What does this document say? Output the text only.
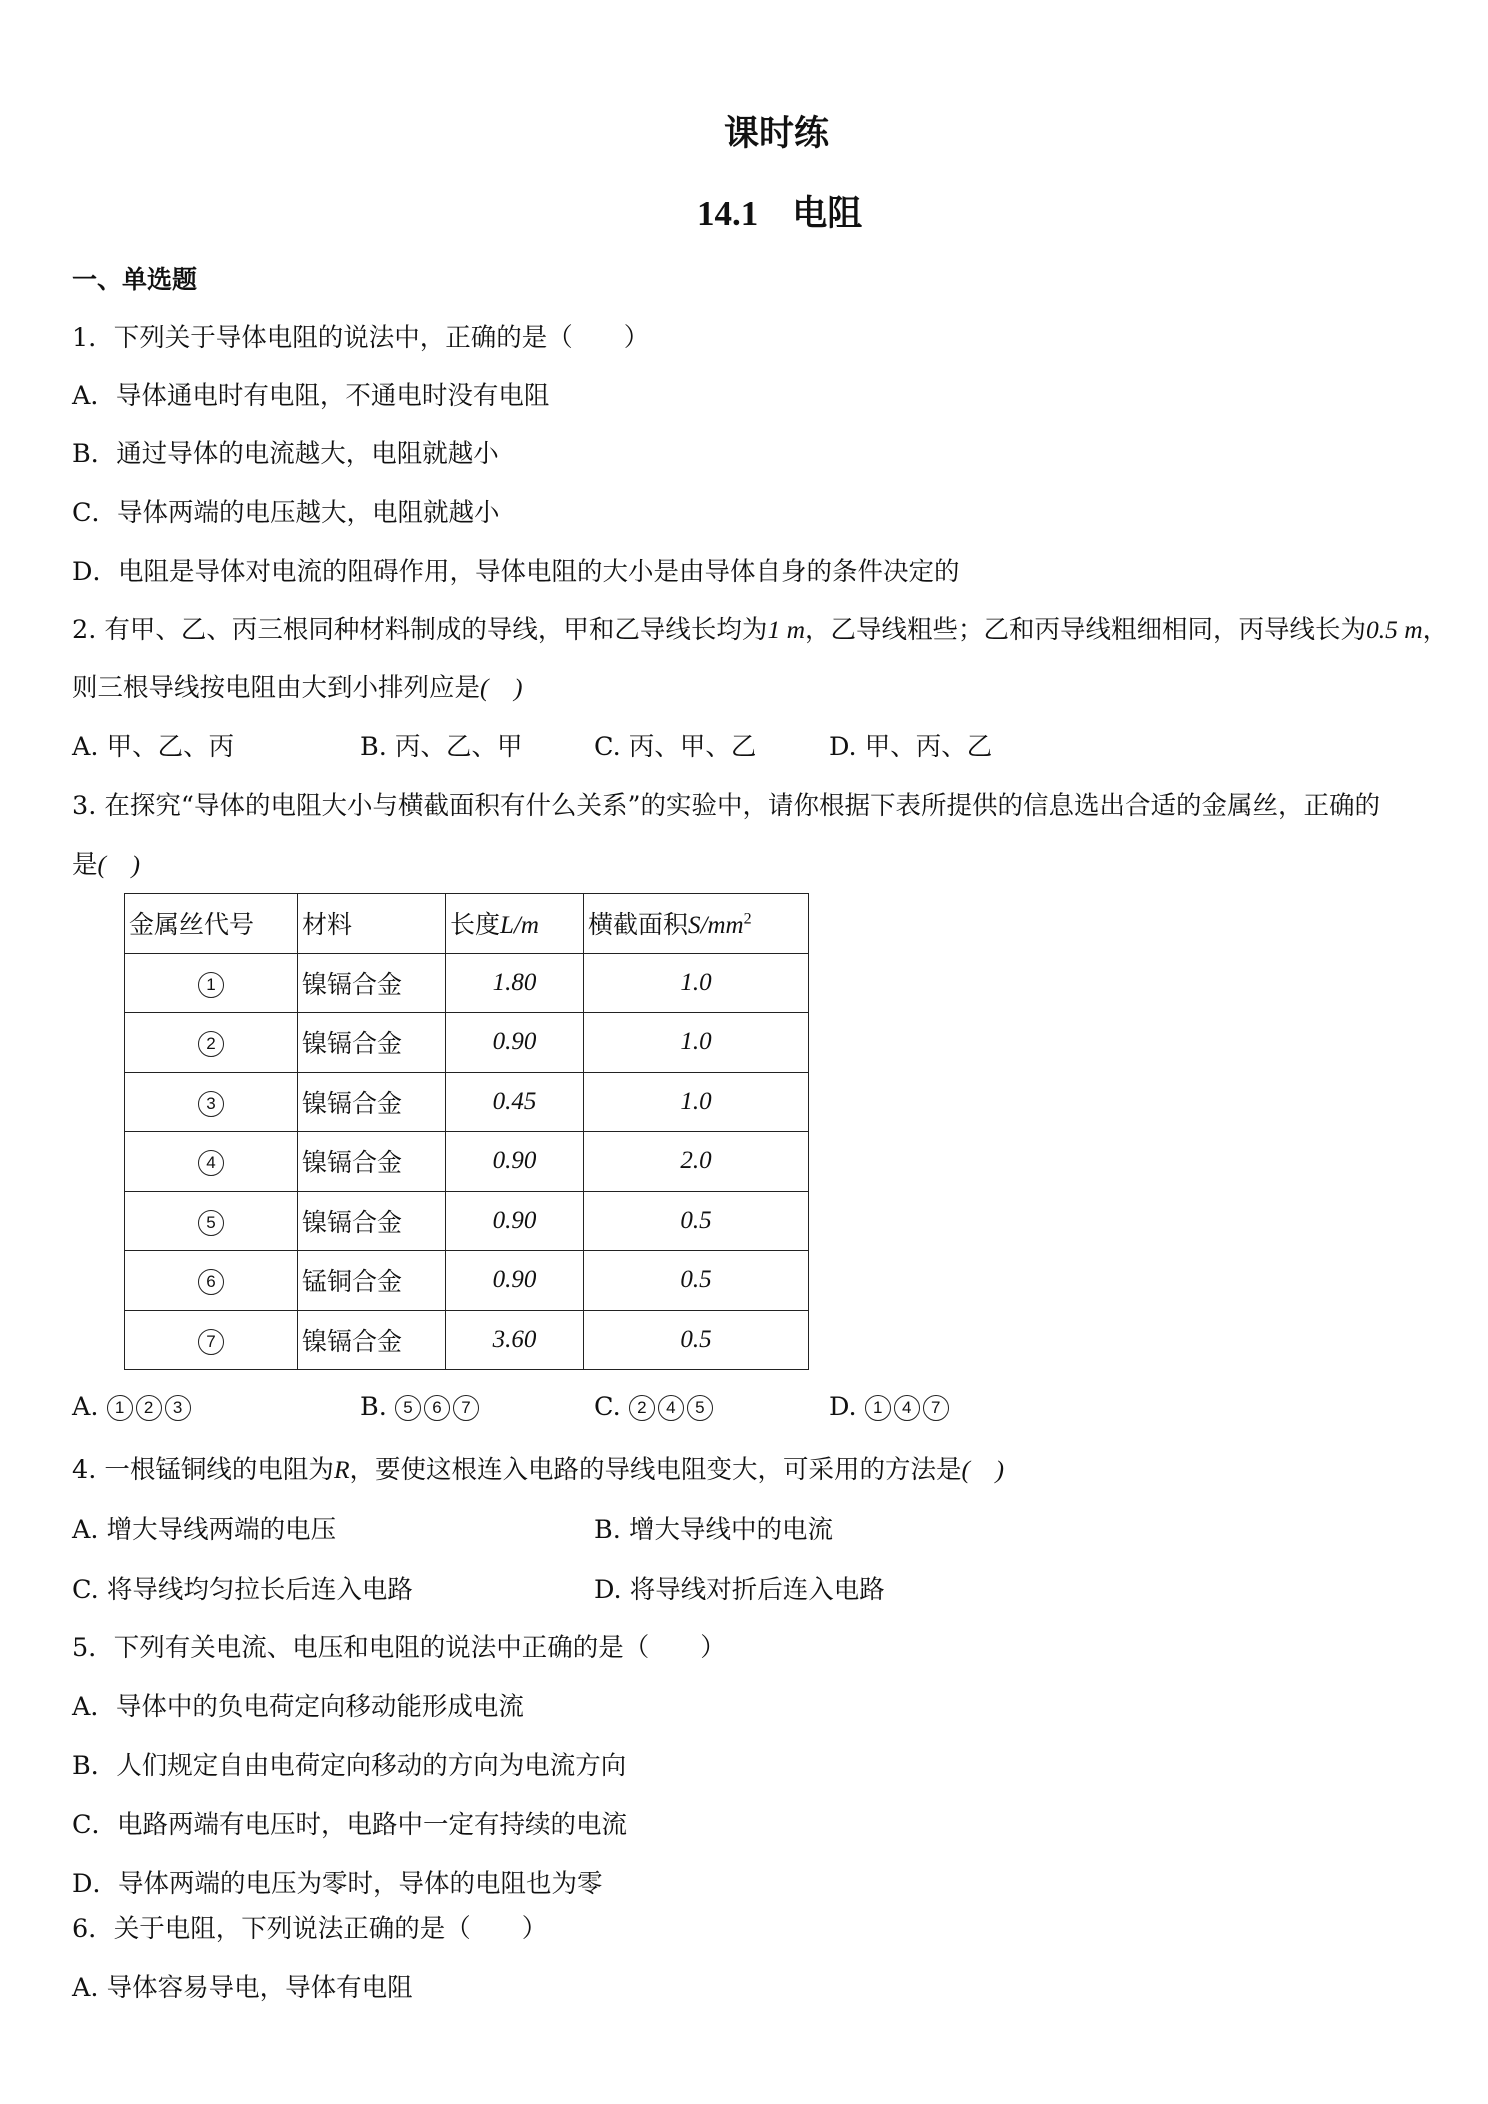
课时练
14.1 电阻
一、单选题
1．下列关于导体电阻的说法中，正确的是（　　）
A．导体通电时有电阻，不通电时没有电阻
B．通过导体的电流越大，电阻就越小
C．导体两端的电压越大，电阻就越小
D．电阻是导体对电流的阻碍作用，导体电阻的大小是由导体自身的条件决定的
2. 有甲、乙、丙三根同种材料制成的导线，甲和乙导线长均为1 m，乙导线粗些；乙和丙导线粗细相同，丙导线长为0.5 m，
则三根导线按电阻由大到小排列应是(　)
A. 甲、乙、丙	B. 丙、乙、甲	C. 丙、甲、乙	D. 甲、丙、乙
3. 在探究“导体的电阻大小与横截面积有什么关系”的实验中，请你根据下表所提供的信息选出合适的金属丝，正确的
是(　)
金属丝代号	材料	长度L/m	横截面积$S/mm^2$
1	镍镉合金	1.80	1.0
2	镍镉合金	0.90	1.0
3	镍镉合金	0.45	1.0
4	镍镉合金	0.90	2.0
5	镍镉合金	0.90	0.5
6	锰铜合金	0.90	0.5
7	镍镉合金	3.60	0.5
A. 1 2 3	B. 5 6 7	C. 2 4 5	D. 1 4 7
4. 一根锰铜线的电阻为R，要使这根连入电路的导线电阻变大，可采用的方法是(　)
A. 增大导线两端的电压	B. 增大导线中的电流
C. 将导线均匀拉长后连入电路	D. 将导线对折后连入电路
5．下列有关电流、电压和电阻的说法中正确的是（　　）
A．导体中的负电荷定向移动能形成电流
B．人们规定自由电荷定向移动的方向为电流方向
C．电路两端有电压时，电路中一定有持续的电流
D．导体两端的电压为零时，导体的电阻也为零
6．关于电阻，下列说法正确的是（　　）
A. 导体容易导电，导体有电阻
